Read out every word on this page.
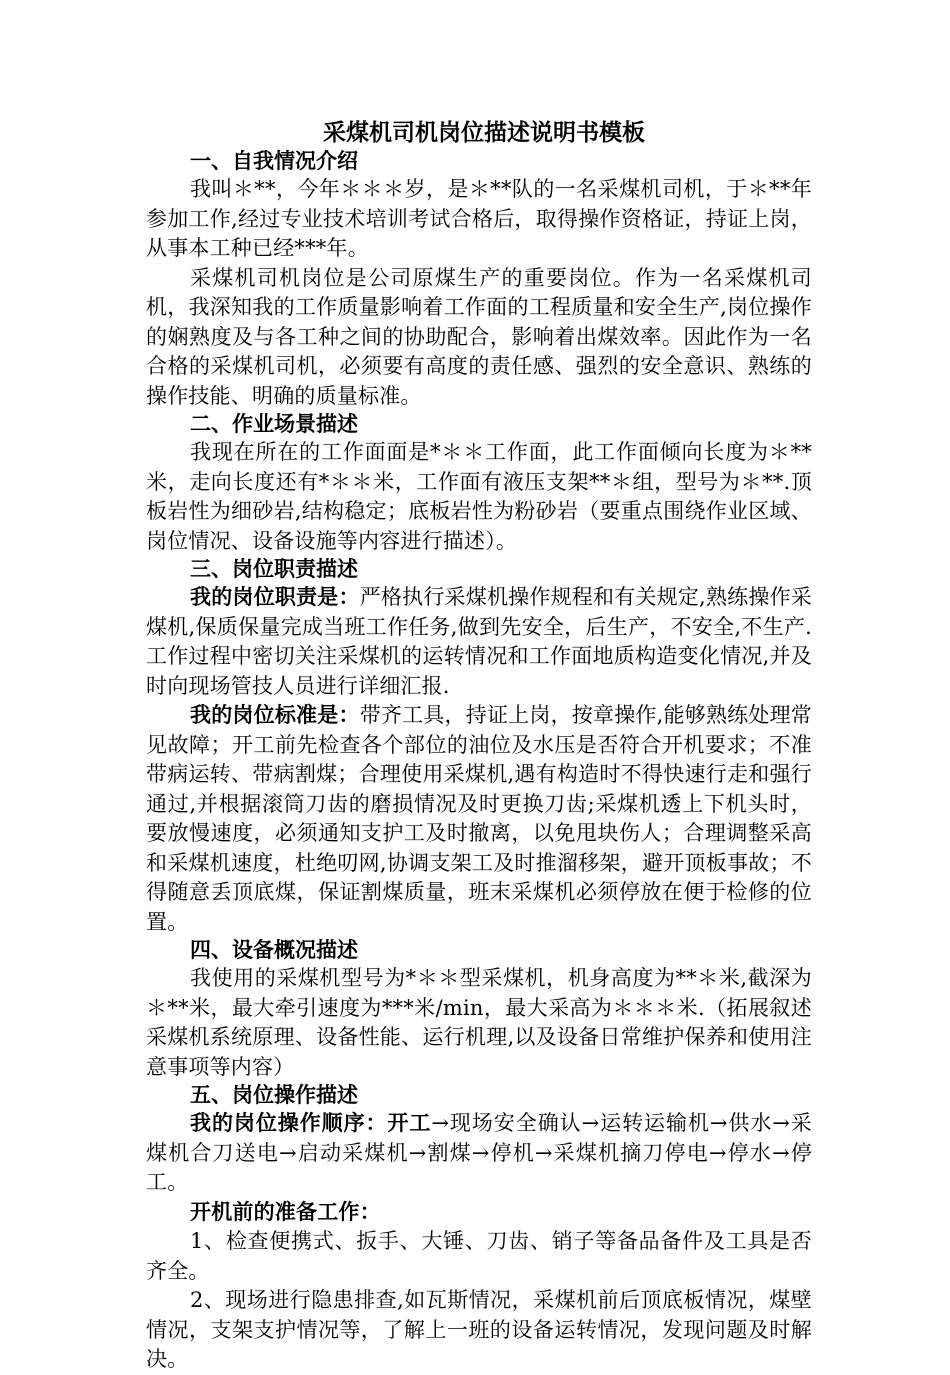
采煤机司机岗位描述说明书模板
一、自我情况介绍

我叫＊**，今年＊＊＊岁，是＊**队的一名采煤机司机，于＊**年参加工作,经过专业技术培训考试合格后，取得操作资格证，持证上岗，从事本工种已经***年。

采煤机司机岗位是公司原煤生产的重要岗位。作为一名采煤机司机，我深知我的工作质量影响着工作面的工程质量和安全生产,岗位操作的娴熟度及与各工种之间的协助配合，影响着出煤效率。因此作为一名合格的采煤机司机，必须要有高度的责任感、强烈的安全意识、熟练的操作技能、明确的质量标准。

二、作业场景描述

我现在所在的工作面面是*＊＊工作面，此工作面倾向长度为＊**米，走向长度还有*＊＊米，工作面有液压支架**＊组，型号为＊**.顶板岩性为细砂岩,结构稳定；底板岩性为粉砂岩（要重点围绕作业区域、岗位情况、设备设施等内容进行描述）。

三、岗位职责描述

我的岗位职责是：严格执行采煤机操作规程和有关规定,熟练操作采煤机,保质保量完成当班工作任务,做到先安全，后生产，不安全,不生产.工作过程中密切关注采煤机的运转情况和工作面地质构造变化情况,并及时向现场管技人员进行详细汇报.

我的岗位标准是：带齐工具，持证上岗，按章操作,能够熟练处理常见故障；开工前先检查各个部位的油位及水压是否符合开机要求；不准带病运转、带病割煤；合理使用采煤机,遇有构造时不得快速行走和强行通过,并根据滚筒刀齿的磨损情况及时更换刀齿;采煤机透上下机头时，要放慢速度，必须通知支护工及时撤离，以免甩块伤人；合理调整采高和采煤机速度，杜绝叨网,协调支架工及时推溜移架，避开顶板事故；不得随意丢顶底煤，保证割煤质量，班末采煤机必须停放在便于检修的位置。

四、设备概况描述

我使用的采煤机型号为*＊＊型采煤机，机身高度为**＊米,截深为＊**米，最大牵引速度为***米/min，最大采高为＊＊＊米.（拓展叙述采煤机系统原理、设备性能、运行机理,以及设备日常维护保养和使用注意事项等内容）

五、岗位操作描述

我的岗位操作顺序：开工→现场安全确认→运转运输机→供水→采煤机合刀送电→启动采煤机→割煤→停机→采煤机摘刀停电→停水→停工。

开机前的准备工作：

1、检查便携式、扳手、大锤、刀齿、销子等备品备件及工具是否齐全。

2、现场进行隐患排查,如瓦斯情况，采煤机前后顶底板情况，煤壁情况，支架支护情况等，了解上一班的设备运转情况，发现问题及时解决。
